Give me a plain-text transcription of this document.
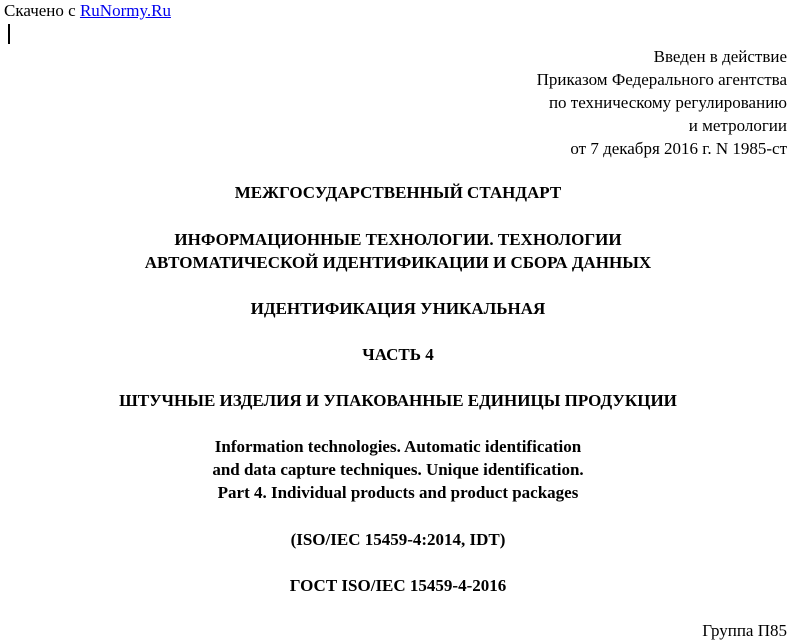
Скачено с RuNormy.Ru
Введен в действие
Приказом Федерального агентства
по техническому регулированию
и метрологии
от 7 декабря 2016 г. N 1985-ст
МЕЖГОСУДАРСТВЕННЫЙ СТАНДАРТ
ИНФОРМАЦИОННЫЕ ТЕХНОЛОГИИ. ТЕХНОЛОГИИ
АВТОМАТИЧЕСКОЙ ИДЕНТИФИКАЦИИ И СБОРА ДАННЫХ
ИДЕНТИФИКАЦИЯ УНИКАЛЬНАЯ
ЧАСТЬ 4
ШТУЧНЫЕ ИЗДЕЛИЯ И УПАКОВАННЫЕ ЕДИНИЦЫ ПРОДУКЦИИ
Information technologies. Automatic identification
and data capture techniques. Unique identification.
Part 4. Individual products and product packages
(ISO/IEC 15459-4:2014, IDT)
ГОСТ ISO/IEC 15459-4-2016
Группа П85
